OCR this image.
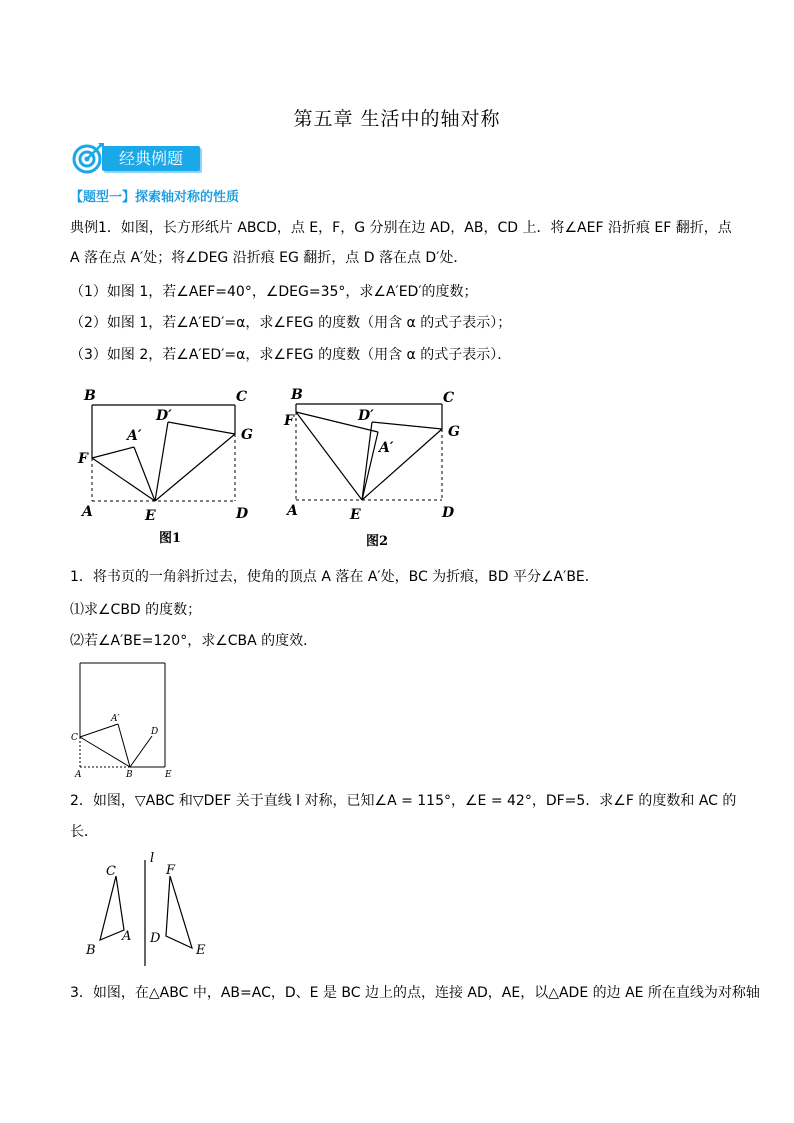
第五章 生活中的轴对称
经典例题
【题型一】探索轴对称的性质
典例1．如图，长方形纸片 ABCD，点 E，F，G 分别在边 AD，AB，CD 上．将∠AEF 沿折痕 EF 翻折，点
A 落在点 A′处；将∠DEG 沿折痕 EG 翻折，点 D 落在点 D′处．
（1）如图 1，若∠AEF=40°，∠DEG=35°，求∠A′ED′的度数；
（2）如图 1，若∠A′ED′=α，求∠FEG 的度数（用含 α 的式子表示）；
（3）如图 2，若∠A′ED′=α，求∠FEG 的度数（用含 α 的式子表示）．
B	C
D′
A′	G
F
A	E	D
图1
B	C
F	D′
A′
G
A	E	D
图2
1．将书页的一角斜折过去，使角的顶点 A 落在 A′处，BC 为折痕，BD 平分∠A′BE．
⑴求∠CBD 的度数；
⑵若∠A′BE=120°，求∠CBA 的度效．
A′
C
D
A	B	E
2．如图，▽ABC 和▽DEF 关于直线 l 对称，已知∠A = 115°，∠E = 42°，DF=5．求∠F 的度数和 AC 的
长．
l
C	F
A
B
D
E
3．如图，在△ABC 中，AB=AC，D、E 是 BC 边上的点，连接 AD，AE，以△ADE 的边 AE 所在直线为对称轴
